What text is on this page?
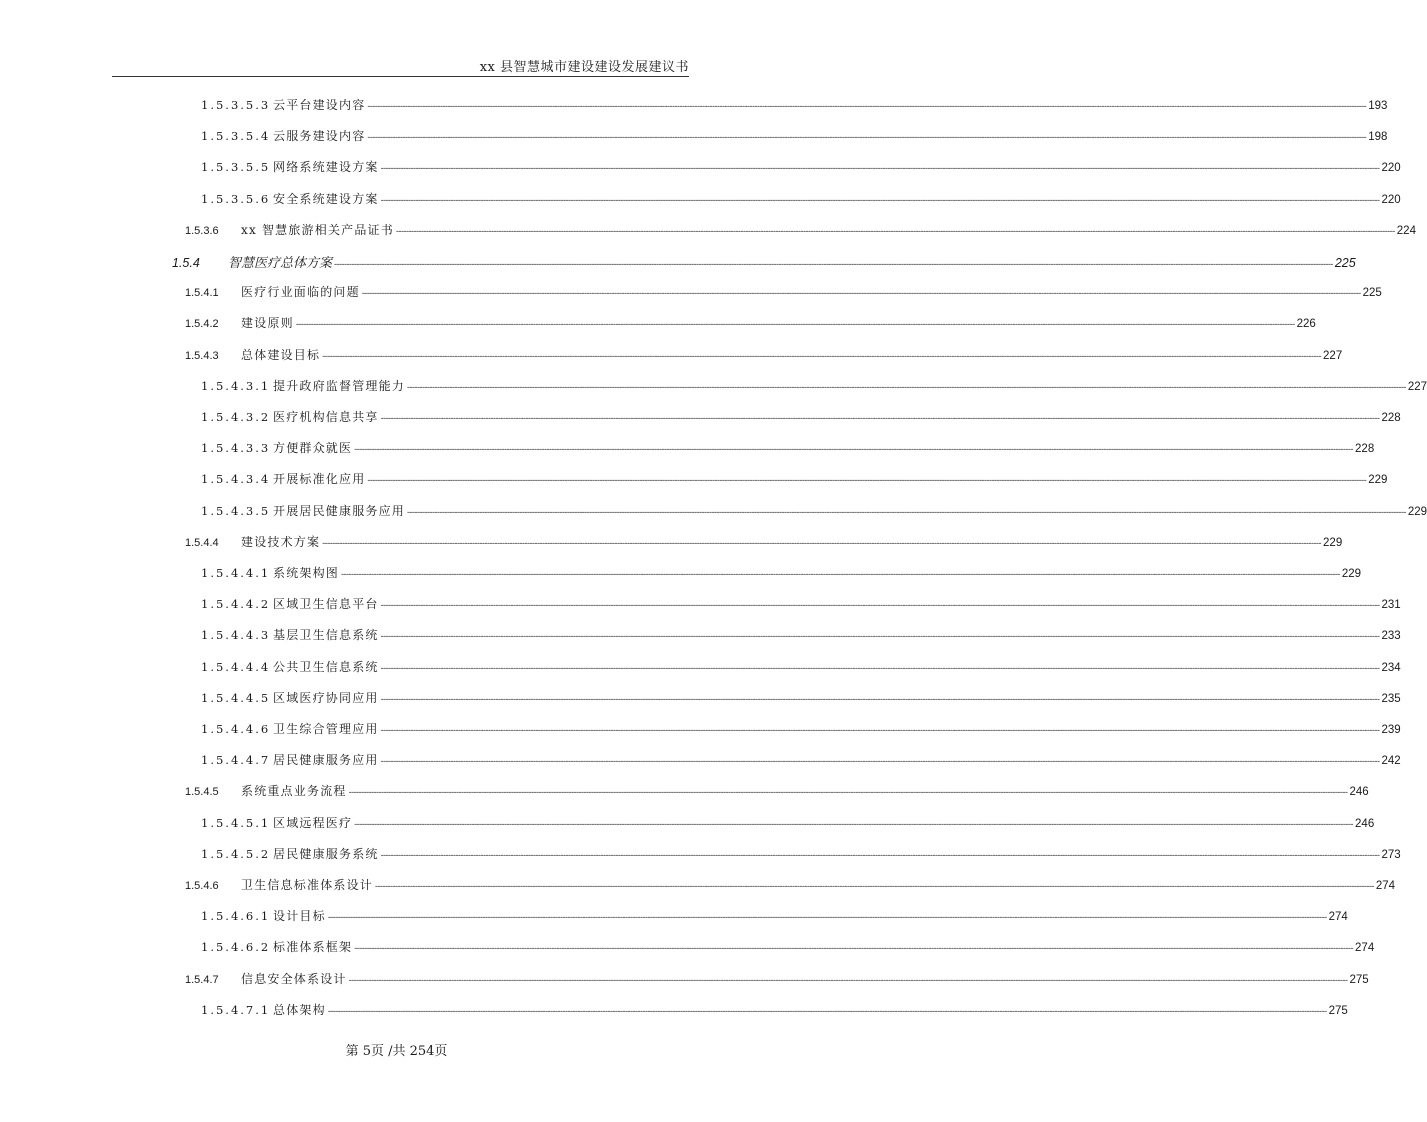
xx 县智慧城市建设建设发展建议书
1.5.3.5.3 云平台建设内容 ---------------------------------------------------------------------------------------------------------------------------------------------------------------------------------------------------------------------------------------------------------------------------------------------------------------------------------------------------------------------------------------------------------------- 193
1.5.3.5.4 云服务建设内容 ---------------------------------------------------------------------------------------------------------------------------------------------------------------------------------------------------------------------------------------------------------------------------------------------------------------------------------------------------------------------------------------------------------------- 198
1.5.3.5.5 网络系统建设方案 ---------------------------------------------------------------------------------------------------------------------------------------------------------------------------------------------------------------------------------------------------------------------------------------------------------------------------------------------------------------------------------------------------------------- 220
1.5.3.5.6 安全系统建设方案 ---------------------------------------------------------------------------------------------------------------------------------------------------------------------------------------------------------------------------------------------------------------------------------------------------------------------------------------------------------------------------------------------------------------- 220
1.5.3.6	xx 智慧旅游相关产品证书 ---------------------------------------------------------------------------------------------------------------------------------------------------------------------------------------------------------------------------------------------------------------------------------------------------------------------------------------------------------------------------------------------------------------- 224
1.5.4	智慧医疗总体方案 ---------------------------------------------------------------------------------------------------------------------------------------------------------------------------------------------------------------------------------------------------------------------------------------------------------------------------------------------------------------------------------------------------------------- 225
1.5.4.1	医疗行业面临的问题 ---------------------------------------------------------------------------------------------------------------------------------------------------------------------------------------------------------------------------------------------------------------------------------------------------------------------------------------------------------------------------------------------------------------- 225
1.5.4.2	建设原则 ---------------------------------------------------------------------------------------------------------------------------------------------------------------------------------------------------------------------------------------------------------------------------------------------------------------------------------------------------------------------------------------------------------------- 226
1.5.4.3	总体建设目标 ---------------------------------------------------------------------------------------------------------------------------------------------------------------------------------------------------------------------------------------------------------------------------------------------------------------------------------------------------------------------------------------------------------------- 227
1.5.4.3.1 提升政府监督管理能力 ---------------------------------------------------------------------------------------------------------------------------------------------------------------------------------------------------------------------------------------------------------------------------------------------------------------------------------------------------------------------------------------------------------------- 227
1.5.4.3.2 医疗机构信息共享 ---------------------------------------------------------------------------------------------------------------------------------------------------------------------------------------------------------------------------------------------------------------------------------------------------------------------------------------------------------------------------------------------------------------- 228
1.5.4.3.3 方便群众就医 ---------------------------------------------------------------------------------------------------------------------------------------------------------------------------------------------------------------------------------------------------------------------------------------------------------------------------------------------------------------------------------------------------------------- 228
1.5.4.3.4 开展标准化应用 ---------------------------------------------------------------------------------------------------------------------------------------------------------------------------------------------------------------------------------------------------------------------------------------------------------------------------------------------------------------------------------------------------------------- 229
1.5.4.3.5 开展居民健康服务应用 ---------------------------------------------------------------------------------------------------------------------------------------------------------------------------------------------------------------------------------------------------------------------------------------------------------------------------------------------------------------------------------------------------------------- 229
1.5.4.4	建设技术方案 ---------------------------------------------------------------------------------------------------------------------------------------------------------------------------------------------------------------------------------------------------------------------------------------------------------------------------------------------------------------------------------------------------------------- 229
1.5.4.4.1 系统架构图 ---------------------------------------------------------------------------------------------------------------------------------------------------------------------------------------------------------------------------------------------------------------------------------------------------------------------------------------------------------------------------------------------------------------- 229
1.5.4.4.2 区域卫生信息平台 ---------------------------------------------------------------------------------------------------------------------------------------------------------------------------------------------------------------------------------------------------------------------------------------------------------------------------------------------------------------------------------------------------------------- 231
1.5.4.4.3 基层卫生信息系统 ---------------------------------------------------------------------------------------------------------------------------------------------------------------------------------------------------------------------------------------------------------------------------------------------------------------------------------------------------------------------------------------------------------------- 233
1.5.4.4.4 公共卫生信息系统 ---------------------------------------------------------------------------------------------------------------------------------------------------------------------------------------------------------------------------------------------------------------------------------------------------------------------------------------------------------------------------------------------------------------- 234
1.5.4.4.5 区域医疗协同应用 ---------------------------------------------------------------------------------------------------------------------------------------------------------------------------------------------------------------------------------------------------------------------------------------------------------------------------------------------------------------------------------------------------------------- 235
1.5.4.4.6 卫生综合管理应用 ---------------------------------------------------------------------------------------------------------------------------------------------------------------------------------------------------------------------------------------------------------------------------------------------------------------------------------------------------------------------------------------------------------------- 239
1.5.4.4.7 居民健康服务应用 ---------------------------------------------------------------------------------------------------------------------------------------------------------------------------------------------------------------------------------------------------------------------------------------------------------------------------------------------------------------------------------------------------------------- 242
1.5.4.5	系统重点业务流程 ---------------------------------------------------------------------------------------------------------------------------------------------------------------------------------------------------------------------------------------------------------------------------------------------------------------------------------------------------------------------------------------------------------------- 246
1.5.4.5.1 区域远程医疗 ---------------------------------------------------------------------------------------------------------------------------------------------------------------------------------------------------------------------------------------------------------------------------------------------------------------------------------------------------------------------------------------------------------------- 246
1.5.4.5.2 居民健康服务系统 ---------------------------------------------------------------------------------------------------------------------------------------------------------------------------------------------------------------------------------------------------------------------------------------------------------------------------------------------------------------------------------------------------------------- 273
1.5.4.6	卫生信息标准体系设计 ---------------------------------------------------------------------------------------------------------------------------------------------------------------------------------------------------------------------------------------------------------------------------------------------------------------------------------------------------------------------------------------------------------------- 274
1.5.4.6.1 设计目标 ---------------------------------------------------------------------------------------------------------------------------------------------------------------------------------------------------------------------------------------------------------------------------------------------------------------------------------------------------------------------------------------------------------------- 274
1.5.4.6.2 标准体系框架 ---------------------------------------------------------------------------------------------------------------------------------------------------------------------------------------------------------------------------------------------------------------------------------------------------------------------------------------------------------------------------------------------------------------- 274
1.5.4.7	信息安全体系设计 ---------------------------------------------------------------------------------------------------------------------------------------------------------------------------------------------------------------------------------------------------------------------------------------------------------------------------------------------------------------------------------------------------------------- 275
1.5.4.7.1 总体架构 ---------------------------------------------------------------------------------------------------------------------------------------------------------------------------------------------------------------------------------------------------------------------------------------------------------------------------------------------------------------------------------------------------------------- 275
第 5页 /共 254页
